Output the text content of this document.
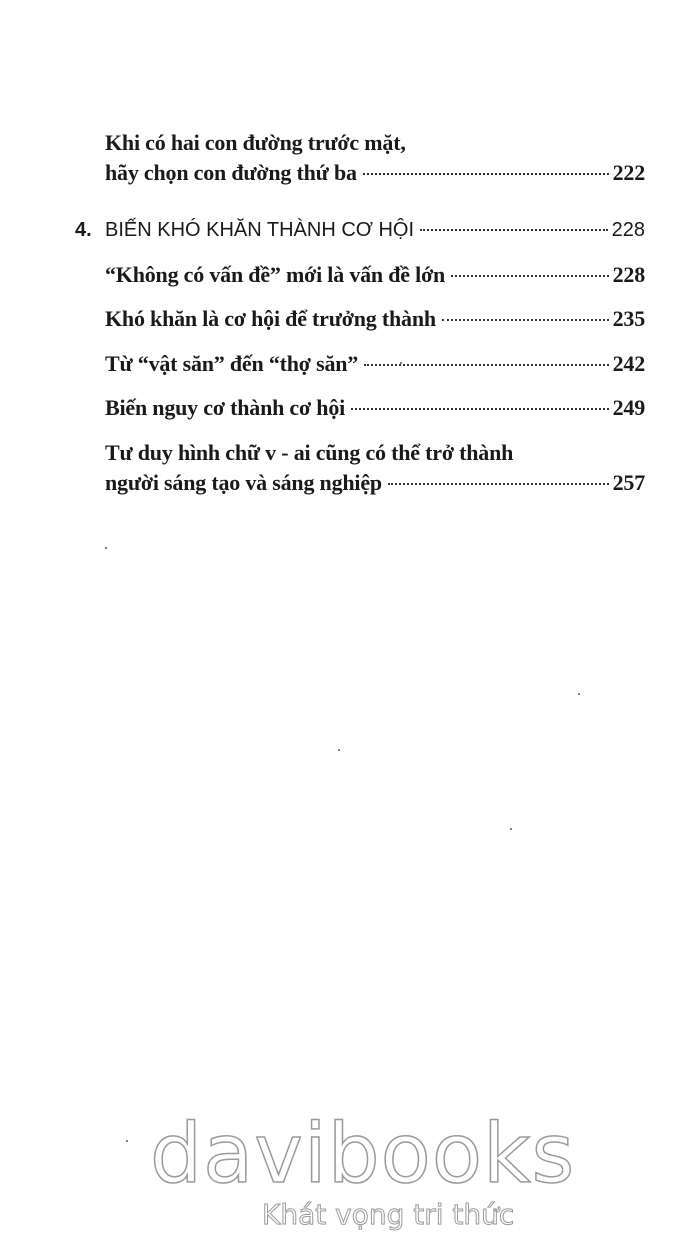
Khi có hai con đường trước mặt,
hãy chọn con đường thứ ba	222
4. BIẾN KHÓ KHĂN THÀNH CƠ HỘI	228
“Không có vấn đề” mới là vấn đề lớn	228
Khó khăn là cơ hội để trưởng thành	235
Từ “vật săn” đến “thợ săn”	242
Biến nguy cơ thành cơ hội	249
Tư duy hình chữ v - ai cũng có thể trở thành
người sáng tạo và sáng nghiệp	257
davibooks
Khát vọng tri thức
